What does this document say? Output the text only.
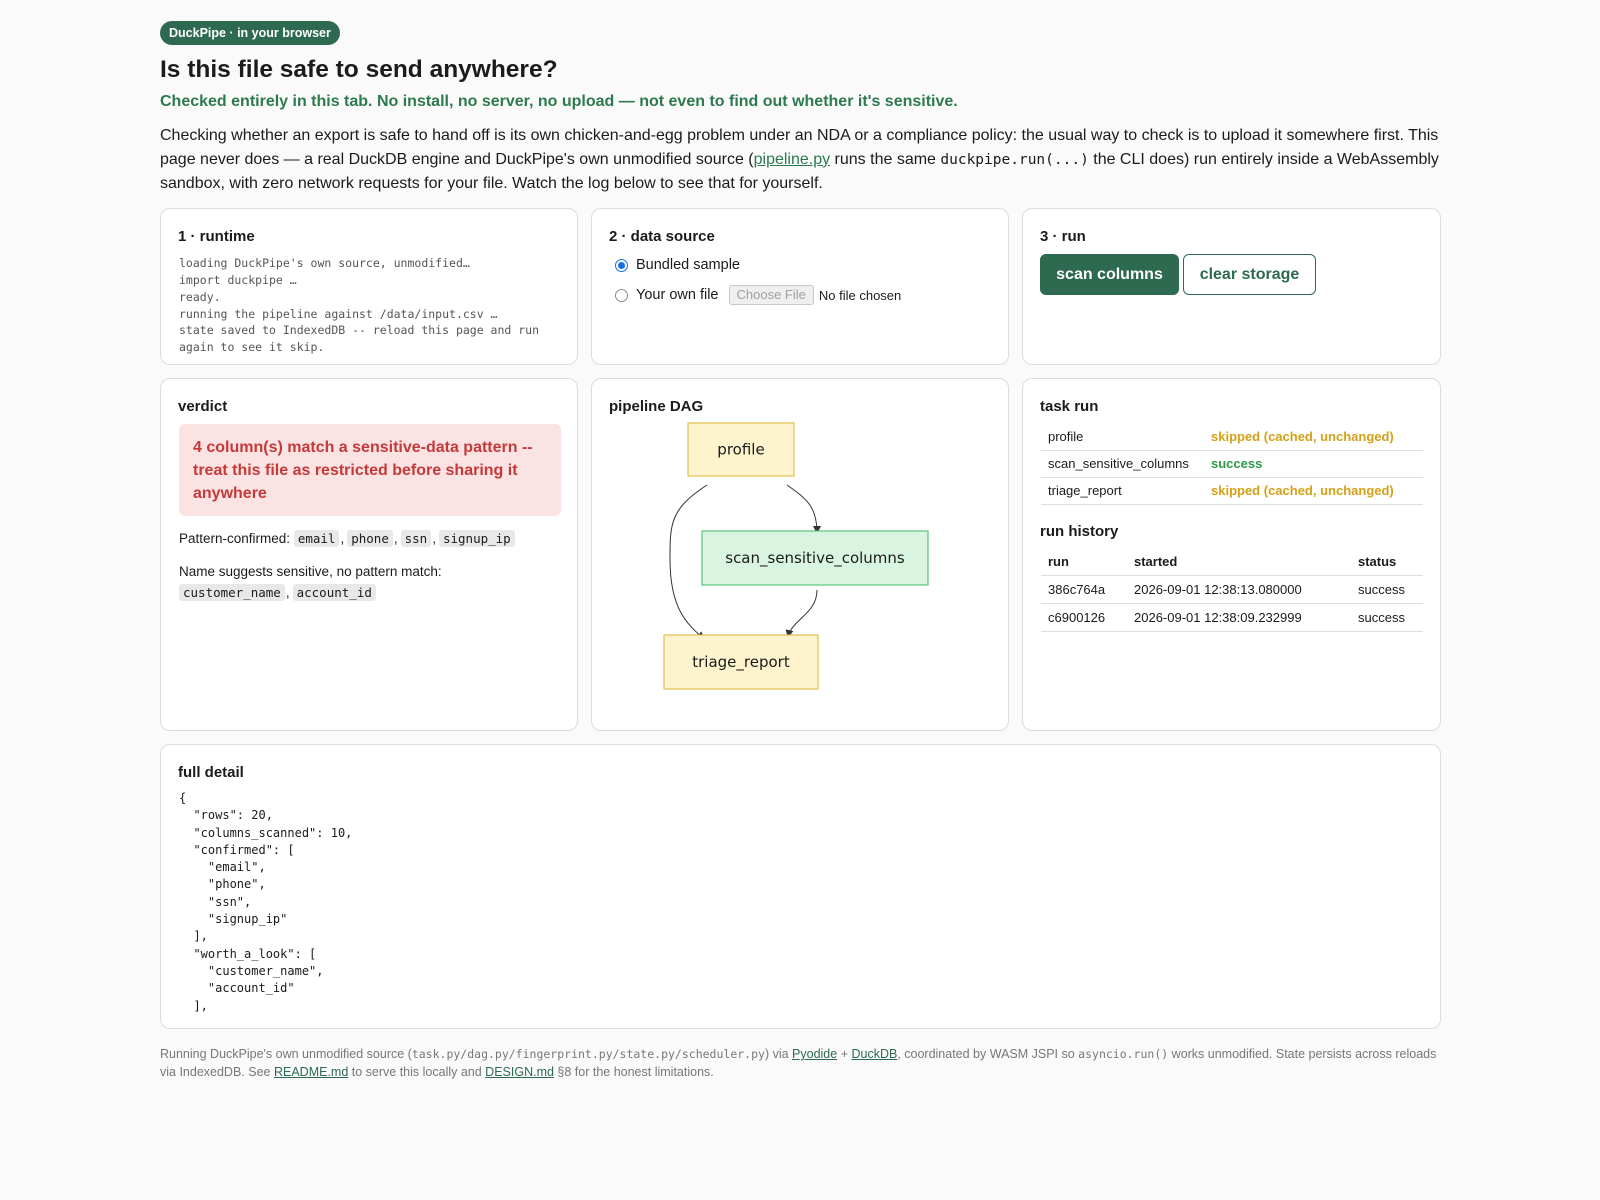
DuckPipe · in your browser
Is this file safe to send anywhere?
Checked entirely in this tab. No install, no server, no upload — not even to find out whether it's sensitive.

Checking whether an export is safe to hand off is its own chicken-and-egg problem under an NDA or a compliance policy: the usual way to check is to upload it somewhere first. This page never does — a real DuckDB engine and DuckPipe's own unmodified source (pipeline.py runs the same duckpipe.run(...) the CLI does) run entirely inside a WebAssembly sandbox, with zero network requests for your file. Watch the log below to see that for yourself.

1 · runtime
loading DuckPipe's own source, unmodified…
import duckpipe …
ready.
running the pipeline against /data/input.csv …
state saved to IndexedDB -- reload this page and run again to see it skip.
2 · data source
Bundled sample
Your own file	Choose File	No file chosen
3 · run
scan columns	clear storage
verdict
4 column(s) match a sensitive-data pattern -- treat this file as restricted before sharing it anywhere
Pattern-confirmed: email , phone , ssn , signup_ip
Name suggests sensitive, no pattern match:
customer_name , account_id
pipeline DAG
profile
scan_sensitive_columns
triage_report
task run
profile	skipped (cached, unchanged)
scan_sensitive_columns	success
triage_report	skipped (cached, unchanged)
run history
run	started	status
386c764a	2026-09-01 12:38:13.080000	success
c6900126	2026-09-01 12:38:09.232999	success
full detail
{
"rows": 20,
"columns_scanned": 10,
"confirmed": [
"email",
"phone",
"ssn",
"signup_ip"
],
"worth_a_look": [
"customer_name",
"account_id"
],
Running DuckPipe's own unmodified source (task.py/dag.py/fingerprint.py/state.py/scheduler.py) via Pyodide + DuckDB, coordinated by WASM JSPI so asyncio.run() works unmodified. State persists across reloads via IndexedDB. See README.md to serve this locally and DESIGN.md §8 for the honest limitations.
